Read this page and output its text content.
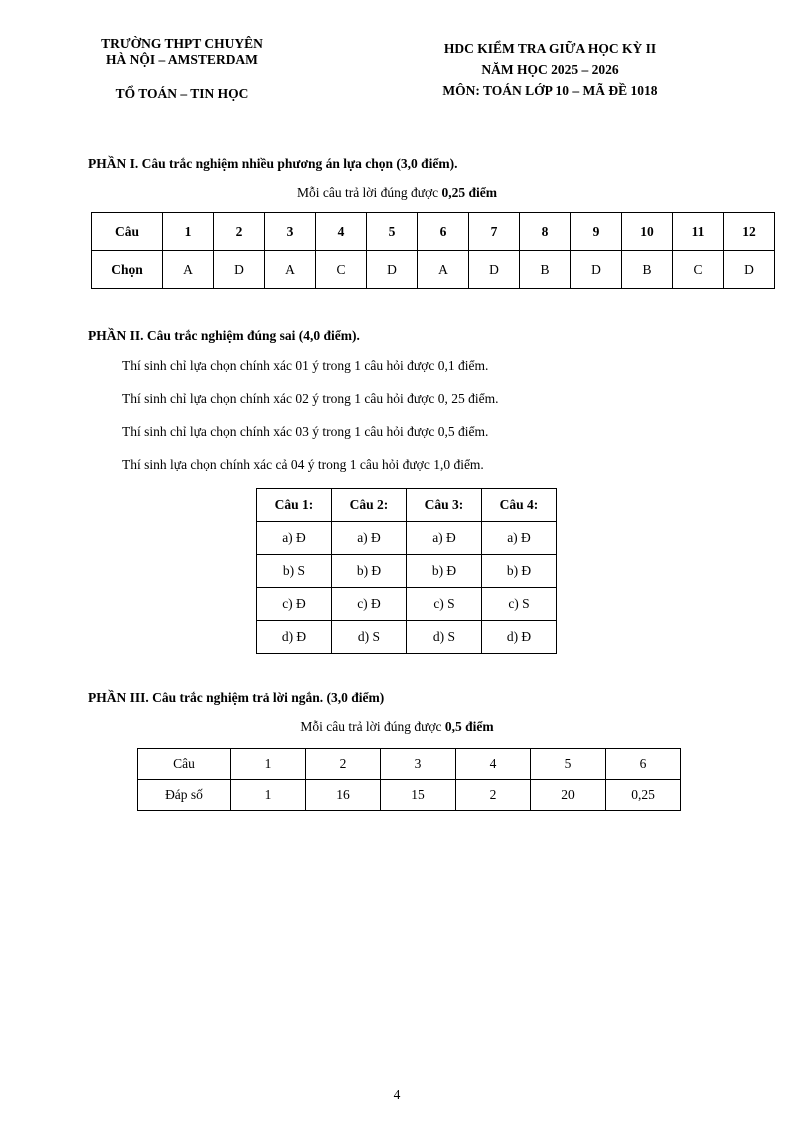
TRƯỜNG THPT CHUYÊN
HÀ NỘI – AMSTERDAM
TỔ TOÁN – TIN HỌC
HDC KIỂM TRA GIỮA HỌC KỲ II
NĂM HỌC 2025 – 2026
MÔN: TOÁN LỚP 10 – MÃ ĐỀ 1018
PHẦN I. Câu trắc nghiệm nhiều phương án lựa chọn (3,0 điểm).
Mỗi câu trả lời đúng được 0,25 điểm
Câu	1	2	3	4	5	6	7	8	9	10	11	12
Chọn	A	D	A	C	D	A	D	B	D	B	C	D
PHẦN II. Câu trắc nghiệm đúng sai (4,0 điểm).
Thí sinh chỉ lựa chọn chính xác 01 ý trong 1 câu hỏi được 0,1 điểm.
Thí sinh chỉ lựa chọn chính xác 02 ý trong 1 câu hỏi được 0, 25 điểm.
Thí sinh chỉ lựa chọn chính xác 03 ý trong 1 câu hỏi được 0,5 điểm.
Thí sinh lựa chọn chính xác cả 04 ý trong 1 câu hỏi được 1,0 điểm.
Câu 1:	Câu 2:	Câu 3:	Câu 4:
a) Đ	a) Đ	a) Đ	a) Đ
b) S	b) Đ	b) Đ	b) Đ
c) Đ	c) Đ	c) S	c) S
d) Đ	d) S	d) S	d) Đ
PHẦN III. Câu trắc nghiệm trả lời ngắn. (3,0 điểm)
Mỗi câu trả lời đúng được 0,5 điểm
Câu	1	2	3	4	5	6
Đáp số	1	16	15	2	20	0,25
4
